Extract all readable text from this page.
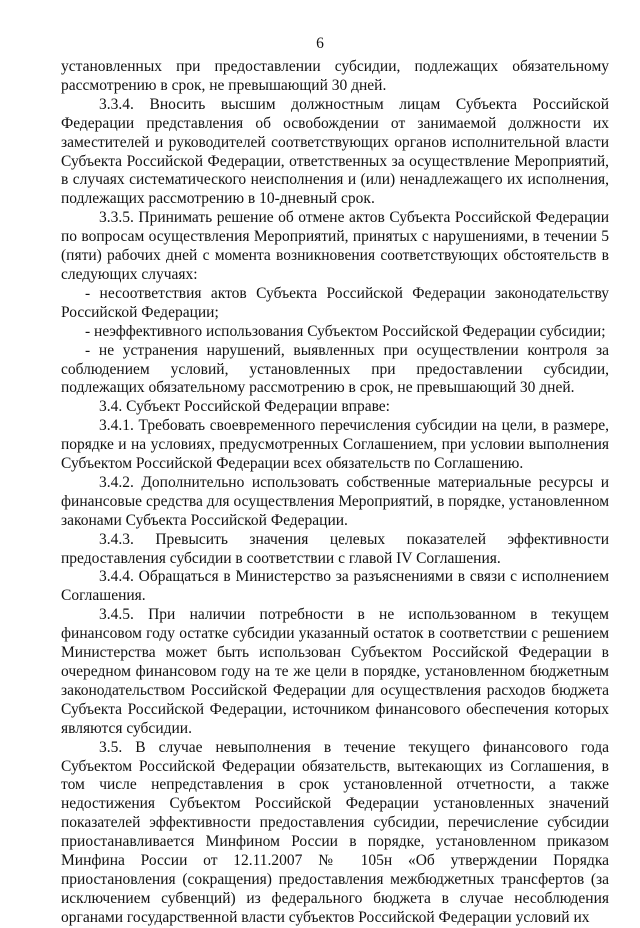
6

установленных при предоставлении субсидии, подлежащих обязательному рассмотрению в срок, не превышающий 30 дней.

3.3.4. Вносить высшим должностным лицам Субъекта Российской Федерации представления об освобождении от занимаемой должности их заместителей и руководителей соответствующих органов исполнительной власти Субъекта Российской Федерации, ответственных за осуществление Мероприятий, в случаях систематического неисполнения и (или) ненадлежащего их исполнения, подлежащих рассмотрению в 10-дневный срок.

3.3.5. Принимать решение об отмене актов Субъекта Российской Федерации по вопросам осуществления Мероприятий, принятых с нарушениями, в течении 5 (пяти) рабочих дней с момента возникновения соответствующих обстоятельств в следующих случаях:

- несоответствия актов Субъекта Российской Федерации законодательству Российской Федерации;

- неэффективного использования Субъектом Российской Федерации субсидии;

- не устранения нарушений, выявленных при осуществлении контроля за соблюдением условий, установленных при предоставлении субсидии, подлежащих обязательному рассмотрению в срок, не превышающий 30 дней.

3.4. Субъект Российской Федерации вправе:

3.4.1. Требовать своевременного перечисления субсидии на цели, в размере, порядке и на условиях, предусмотренных Соглашением, при условии выполнения Субъектом Российской Федерации всех обязательств по Соглашению.

3.4.2. Дополнительно использовать собственные материальные ресурсы и финансовые средства для осуществления Мероприятий, в порядке, установленном законами Субъекта Российской Федерации.

3.4.3. Превысить значения целевых показателей эффективности предоставления субсидии в соответствии с главой IV Соглашения.

3.4.4. Обращаться в Министерство за разъяснениями в связи с исполнением Соглашения.

3.4.5. При наличии потребности в не использованном в текущем финансовом году остатке субсидии указанный остаток в соответствии с решением Министерства может быть использован Субъектом Российской Федерации в очередном финансовом году на те же цели в порядке, установленном бюджетным законодательством Российской Федерации для осуществления расходов бюджета Субъекта Российской Федерации, источником финансового обеспечения которых являются субсидии.

3.5. В случае невыполнения в течение текущего финансового года Субъектом Российской Федерации обязательств, вытекающих из Соглашения, в том числе непредставления в срок установленной отчетности, а также недостижения Субъектом Российской Федерации установленных значений показателей эффективности предоставления субсидии, перечисление субсидии приостанавливается Минфином России в порядке, установленном приказом Минфина России от 12.11.2007 № 105н «Об утверждении Порядка приостановления (сокращения) предоставления межбюджетных трансфертов (за исключением субвенций) из федерального бюджета в случае несоблюдения органами государственной власти субъектов Российской Федерации условий их
